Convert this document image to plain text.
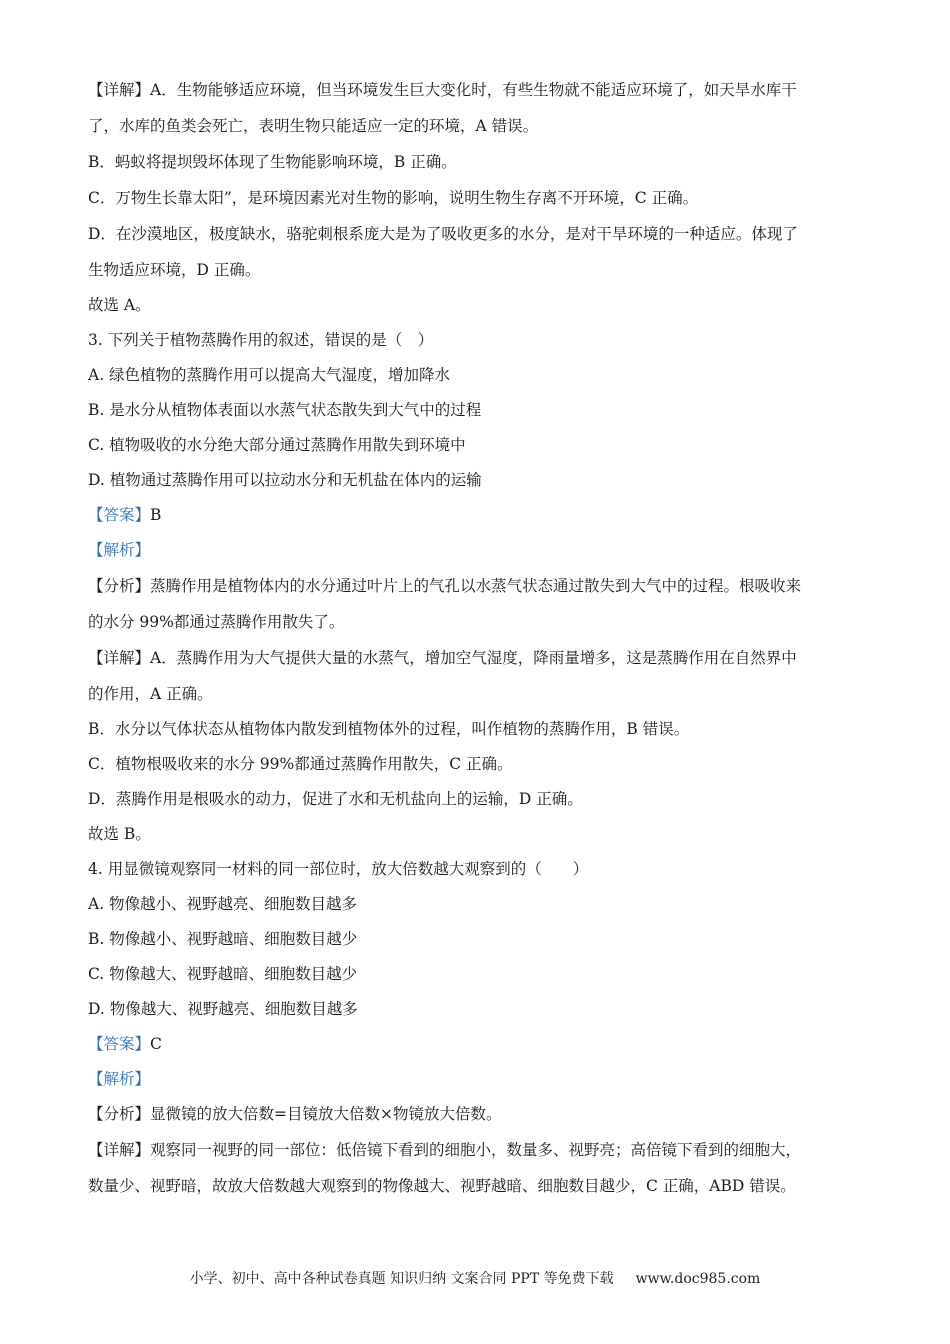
【详解】A．生物能够适应环境，但当环境发生巨大变化时，有些生物就不能适应环境了，如天旱水库干

了，水库的鱼类会死亡，表明生物只能适应一定的环境，A 错误。

B．蚂蚁将提坝毁坏体现了生物能影响环境，B 正确。

C．万物生长靠太阳”，是环境因素光对生物的影响，说明生物生存离不开环境，C 正确。

D．在沙漠地区，极度缺水，骆驼刺根系庞大是为了吸收更多的水分，是对干旱环境的一种适应。体现了

生物适应环境，D 正确。

故选 A。

3. 下列关于植物蒸腾作用的叙述，错误的是（　）

A. 绿色植物的蒸腾作用可以提高大气湿度，增加降水

B. 是水分从植物体表面以水蒸气状态散失到大气中的过程

C. 植物吸收的水分绝大部分通过蒸腾作用散失到环境中

D. 植物通过蒸腾作用可以拉动水分和无机盐在体内的运输

【答案】B

【解析】

【分析】蒸腾作用是植物体内的水分通过叶片上的气孔以水蒸气状态通过散失到大气中的过程。根吸收来

的水分 99%都通过蒸腾作用散失了。

【详解】A．蒸腾作用为大气提供大量的水蒸气，增加空气湿度，降雨量增多，这是蒸腾作用在自然界中

的作用，A 正确。

B．水分以气体状态从植物体内散发到植物体外的过程，叫作植物的蒸腾作用，B 错误。

C．植物根吸收来的水分 99%都通过蒸腾作用散失，C 正确。

D．蒸腾作用是根吸水的动力，促进了水和无机盐向上的运输，D 正确。

故选 B。

4. 用显微镜观察同一材料的同一部位时，放大倍数越大观察到的（　　）

A. 物像越小、视野越亮、细胞数目越多

B. 物像越小、视野越暗、细胞数目越少

C. 物像越大、视野越暗、细胞数目越少

D. 物像越大、视野越亮、细胞数目越多

【答案】C

【解析】

【分析】显微镜的放大倍数=目镜放大倍数×物镜放大倍数。

【详解】观察同一视野的同一部位：低倍镜下看到的细胞小，数量多、视野亮；高倍镜下看到的细胞大，

数量少、视野暗，故放大倍数越大观察到的物像越大、视野越暗、细胞数目越少，C 正确，ABD 错误。

小学、初中、高中各种试卷真题 知识归纳 文案合同 PPT 等免费下载 www.doc985.com
